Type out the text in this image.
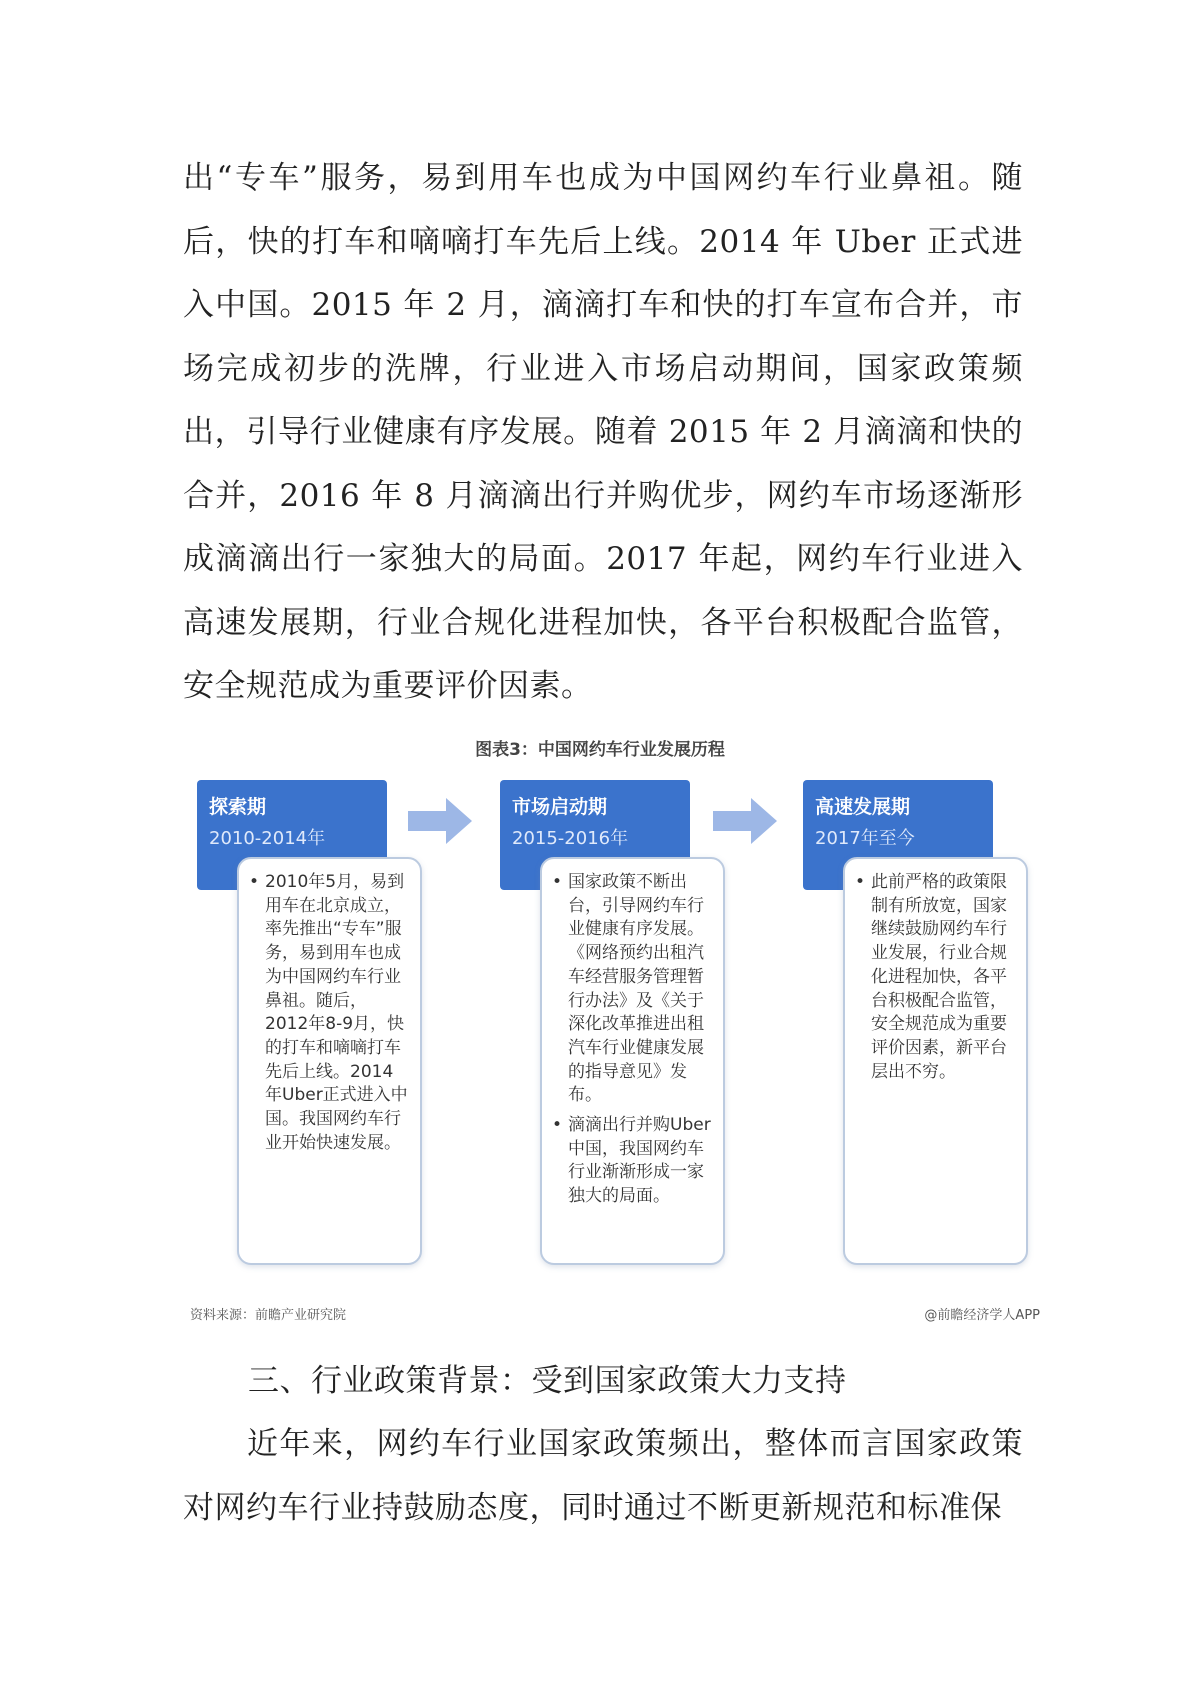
出“专车”服务，易到用车也成为中国网约车行业鼻祖。随后，快的打车和嘀嘀打车先后上线。2014 年 Uber 正式进入中国。2015 年 2 月，滴滴打车和快的打车宣布合并，市场完成初步的洗牌，行业进入市场启动期间，国家政策频出，引导行业健康有序发展。随着 2015 年 2 月滴滴和快的合并，2016 年 8 月滴滴出行并购优步，网约车市场逐渐形成滴滴出行一家独大的局面。2017 年起，网约车行业进入高速发展期，行业合规化进程加快，各平台积极配合监管，安全规范成为重要评价因素。

图表3：中国网约车行业发展历程
探索期
2010-2014年
• 2010年5月，易到用车在北京成立，率先推出“专车”服务，易到用车也成为中国网约车行业鼻祖。随后，2012年8-9月，快的打车和嘀嘀打车先后上线。2014年Uber正式进入中国。我国网约车行业开始快速发展。
市场启动期
2015-2016年
• 国家政策不断出台，引导网约车行业健康有序发展。《网络预约出租汽车经营服务管理暂行办法》及《关于深化改革推进出租汽车行业健康发展的指导意见》发布。
• 滴滴出行并购Uber中国，我国网约车行业渐渐形成一家独大的局面。
高速发展期
2017年至今
• 此前严格的政策限制有所放宽，国家继续鼓励网约车行业发展，行业合规化进程加快，各平台积极配合监管，安全规范成为重要评价因素，新平台层出不穷。
资料来源：前瞻产业研究院	@前瞻经济学人APP

三、行业政策背景：受到国家政策大力支持

近年来，网约车行业国家政策频出，整体而言国家政策对网约车行业持鼓励态度，同时通过不断更新规范和标准保
